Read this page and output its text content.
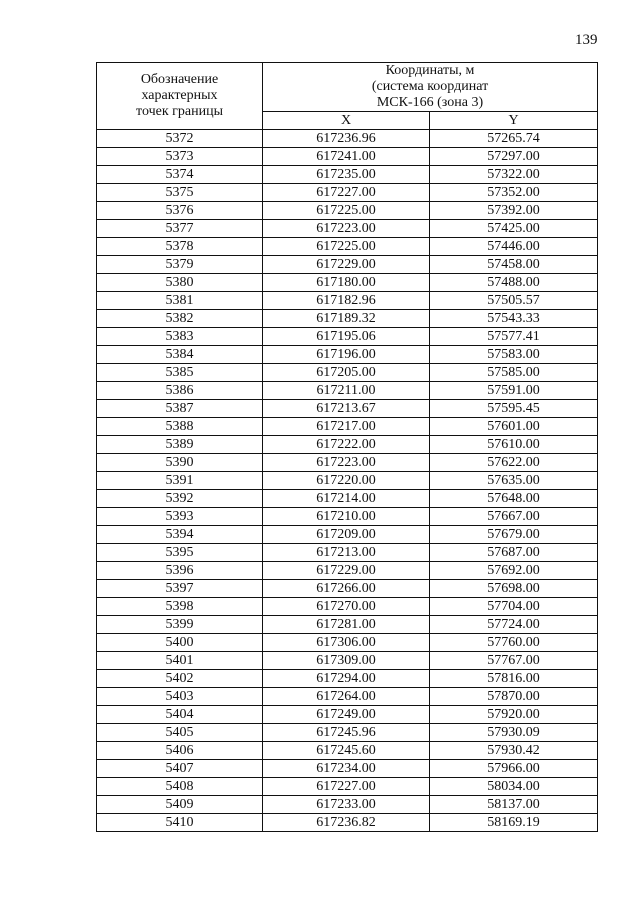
139
Обозначение
характерных
точек границы	Координаты, м
(система координат
МСК-166 (зона 3)	

	X	Y
5372	617236.96	57265.74
5373	617241.00	57297.00
5374	617235.00	57322.00
5375	617227.00	57352.00
5376	617225.00	57392.00
5377	617223.00	57425.00
5378	617225.00	57446.00
5379	617229.00	57458.00
5380	617180.00	57488.00
5381	617182.96	57505.57
5382	617189.32	57543.33
5383	617195.06	57577.41
5384	617196.00	57583.00
5385	617205.00	57585.00
5386	617211.00	57591.00
5387	617213.67	57595.45
5388	617217.00	57601.00
5389	617222.00	57610.00
5390	617223.00	57622.00
5391	617220.00	57635.00
5392	617214.00	57648.00
5393	617210.00	57667.00
5394	617209.00	57679.00
5395	617213.00	57687.00
5396	617229.00	57692.00
5397	617266.00	57698.00
5398	617270.00	57704.00
5399	617281.00	57724.00
5400	617306.00	57760.00
5401	617309.00	57767.00
5402	617294.00	57816.00
5403	617264.00	57870.00
5404	617249.00	57920.00
5405	617245.96	57930.09
5406	617245.60	57930.42
5407	617234.00	57966.00
5408	617227.00	58034.00
5409	617233.00	58137.00
5410	617236.82	58169.19
